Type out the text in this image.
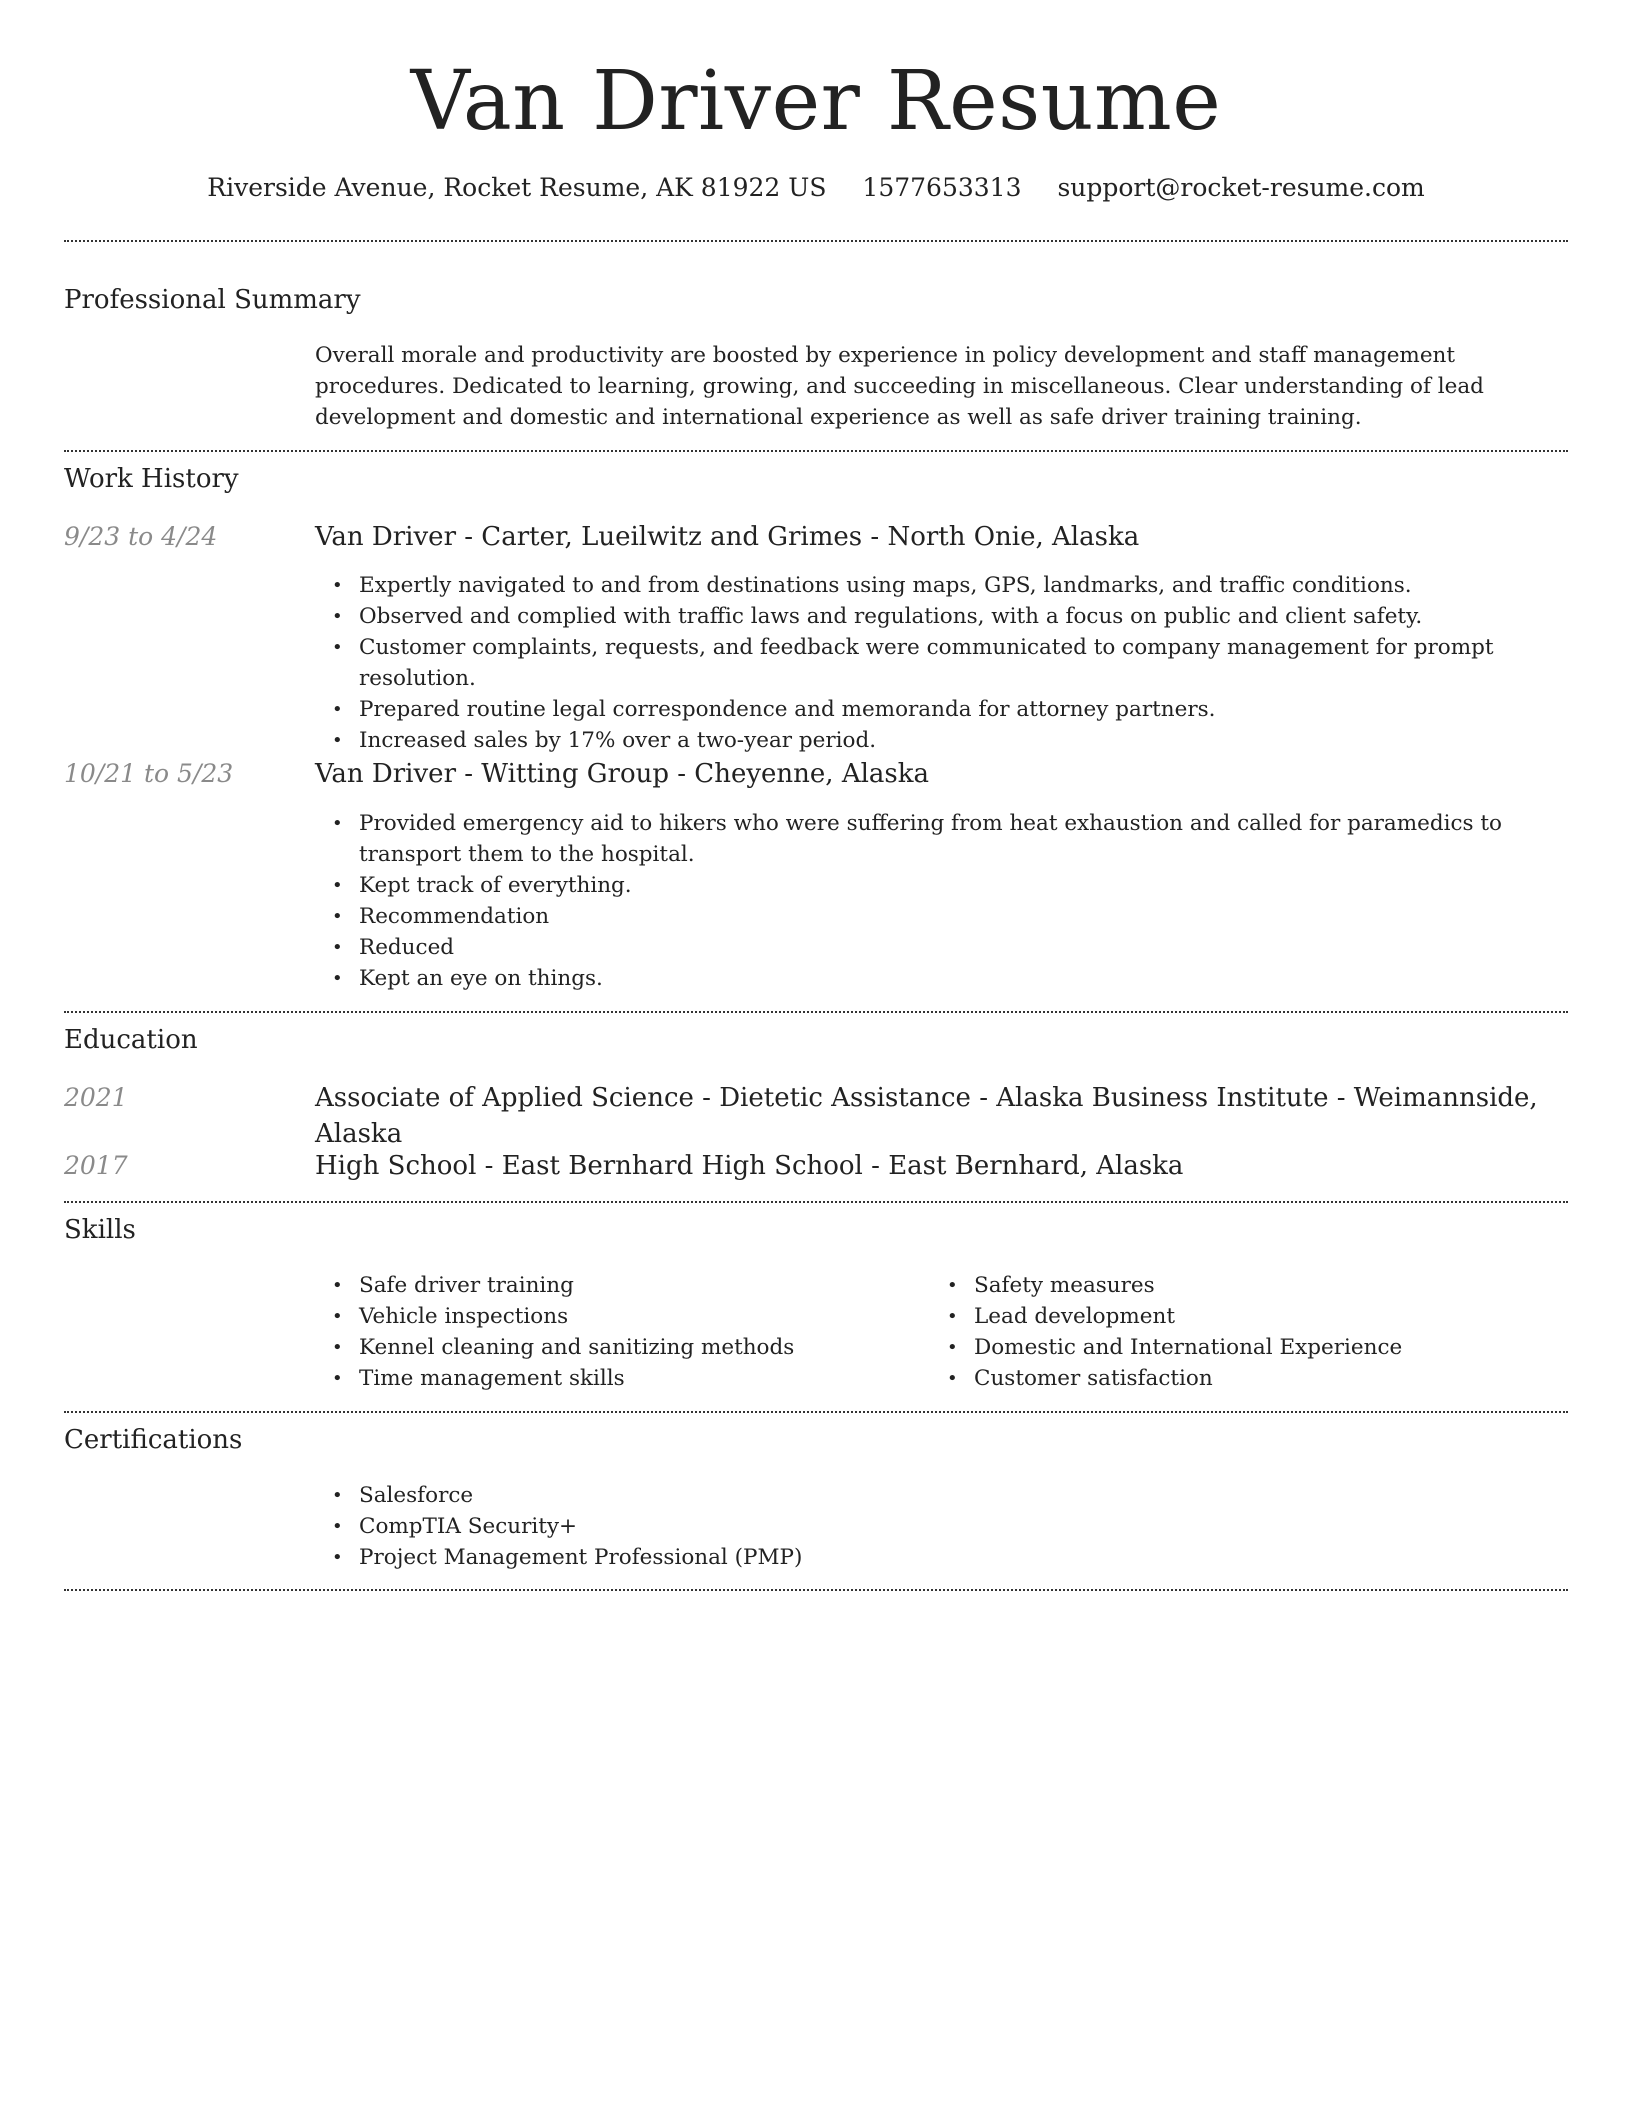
Van Driver Resume
Riverside Avenue, Rocket Resume, AK 81922 US 1577653313 support@rocket-resume.com
Professional Summary

Overall morale and productivity are boosted by experience in policy development and staff management procedures. Dedicated to learning, growing, and succeeding in miscellaneous. Clear understanding of lead development and domestic and international experience as well as safe driver training training.

Work History
9/23 to 4/24	Van Driver - Carter, Lueilwitz and Grimes - North Onie, Alaska
• Expertly navigated to and from destinations using maps, GPS, landmarks, and traffic conditions.
• Observed and complied with traffic laws and regulations, with a focus on public and client safety.
• Customer complaints, requests, and feedback were communicated to company management for prompt resolution.
• Prepared routine legal correspondence and memoranda for attorney partners.
• Increased sales by 17% over a two-year period.
10/21 to 5/23	Van Driver - Witting Group - Cheyenne, Alaska
• Provided emergency aid to hikers who were suffering from heat exhaustion and called for paramedics to transport them to the hospital.
• Kept track of everything.
• Recommendation
• Reduced
• Kept an eye on things.
Education
2021	Associate of Applied Science - Dietetic Assistance - Alaska Business Institute - Weimannside, Alaska
2017	High School - East Bernhard High School - East Bernhard, Alaska
Skills
• Safe driver training
• Vehicle inspections
• Kennel cleaning and sanitizing methods
• Time management skills
• Safety measures
• Lead development
• Domestic and International Experience
• Customer satisfaction
Certifications
• Salesforce
• CompTIA Security+
• Project Management Professional (PMP)
